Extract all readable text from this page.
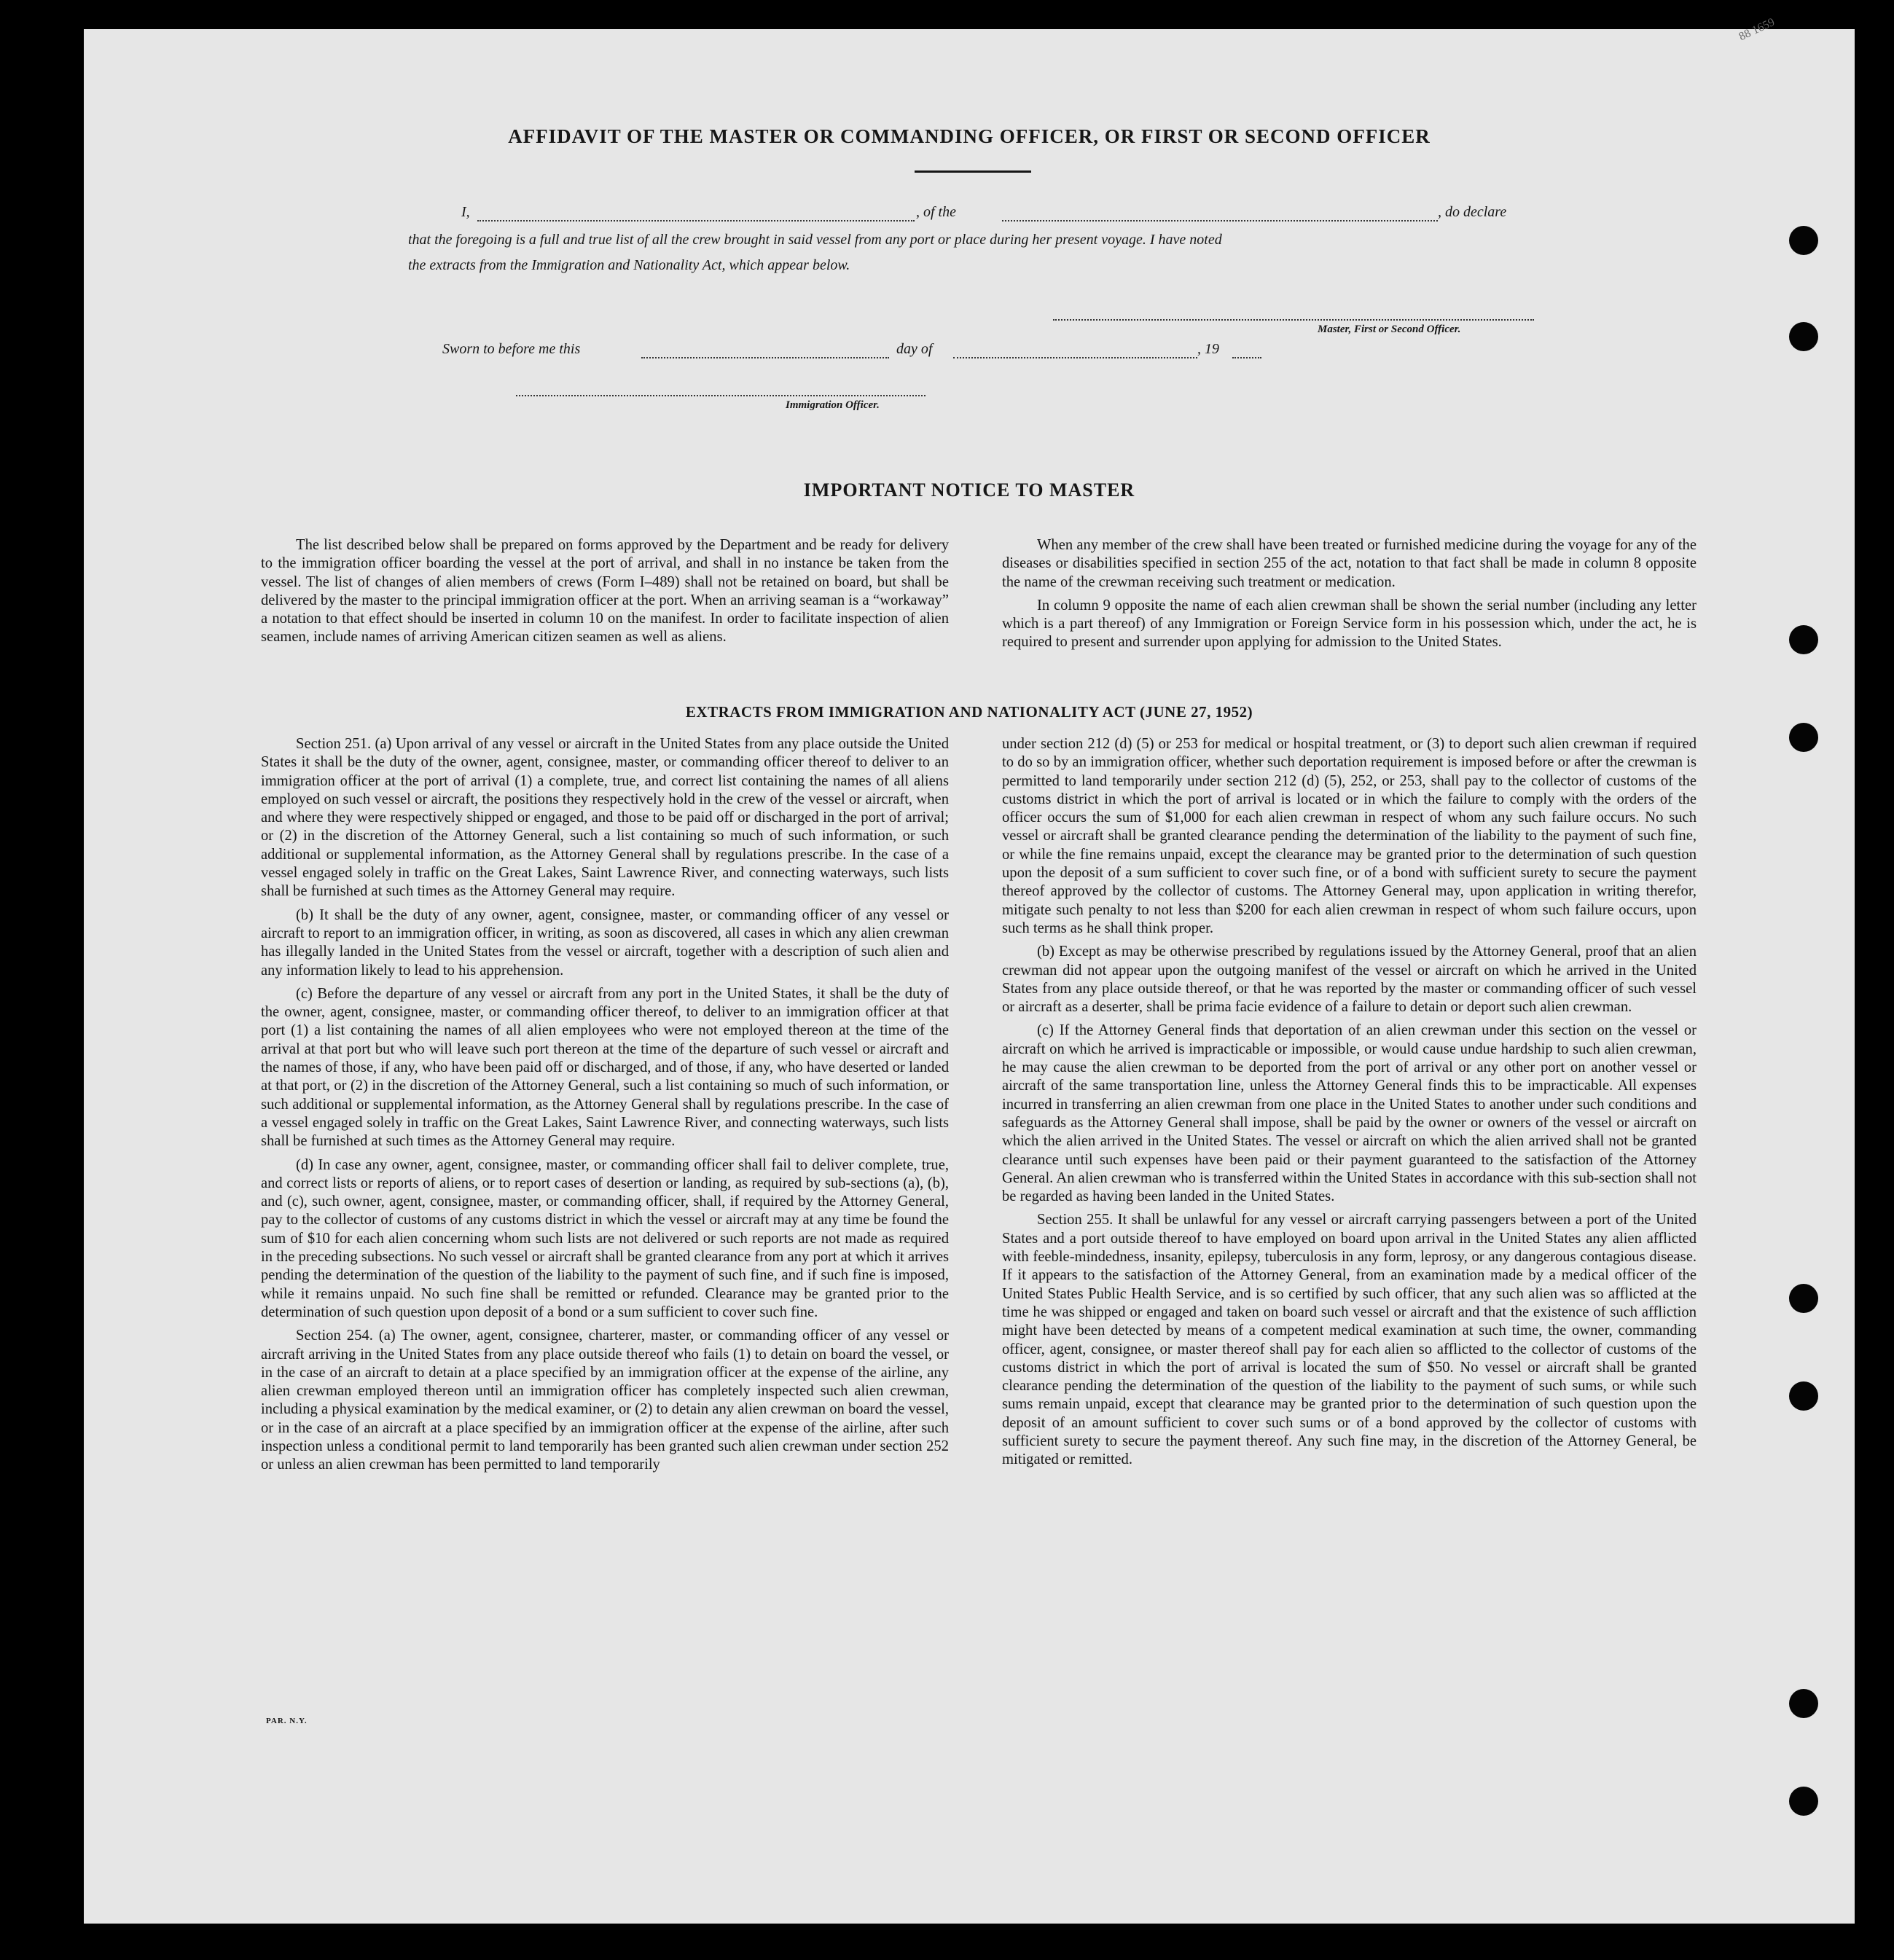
88 1659
AFFIDAVIT OF THE MASTER OR COMMANDING OFFICER, OR FIRST OR SECOND OFFICER
I,	, of the	, do declare
that the foregoing is a full and true list of all the crew brought in said vessel from any port or place during her present voyage. I have noted
the extracts from the Immigration and Nationality Act, which appear below.
Master, First or Second Officer.
Sworn to before me this	day of	, 19
Immigration Officer.
IMPORTANT NOTICE TO MASTER

The list described below shall be prepared on forms approved by the Department and be ready for delivery to the immigration officer boarding the vessel at the port of arrival, and shall in no instance be taken from the vessel. The list of changes of alien members of crews (Form I–489) shall not be retained on board, but shall be delivered by the master to the principal immigration officer at the port. When an arriving seaman is a “workaway” a notation to that effect should be inserted in column 10 on the manifest. In order to facilitate inspection of alien seamen, include names of arriving American citizen seamen as well as aliens.

When any member of the crew shall have been treated or furnished medicine during the voyage for any of the diseases or disabilities specified in section 255 of the act, notation to that fact shall be made in column 8 opposite the name of the crewman receiving such treatment or medication.

In column 9 opposite the name of each alien crewman shall be shown the serial number (including any letter which is a part thereof) of any Immigration or Foreign Service form in his possession which, under the act, he is required to present and surrender upon applying for admission to the United States.

EXTRACTS FROM IMMIGRATION AND NATIONALITY ACT (JUNE 27, 1952)

Section 251. (a) Upon arrival of any vessel or aircraft in the United States from any place outside the United States it shall be the duty of the owner, agent, consignee, master, or commanding officer thereof to deliver to an immigration officer at the port of arrival (1) a complete, true, and correct list containing the names of all aliens employed on such vessel or aircraft, the positions they respectively hold in the crew of the vessel or aircraft, when and where they were respectively shipped or engaged, and those to be paid off or discharged in the port of arrival; or (2) in the discretion of the Attorney General, such a list containing so much of such information, or such additional or supplemental information, as the Attorney General shall by regulations prescribe. In the case of a vessel engaged solely in traffic on the Great Lakes, Saint Lawrence River, and connecting waterways, such lists shall be furnished at such times as the Attorney General may require.

(b) It shall be the duty of any owner, agent, consignee, master, or commanding officer of any vessel or aircraft to report to an immigration officer, in writing, as soon as discovered, all cases in which any alien crewman has illegally landed in the United States from the vessel or aircraft, together with a description of such alien and any information likely to lead to his apprehension.

(c) Before the departure of any vessel or aircraft from any port in the United States, it shall be the duty of the owner, agent, consignee, master, or commanding officer thereof, to deliver to an immigration officer at that port (1) a list containing the names of all alien employees who were not employed thereon at the time of the arrival at that port but who will leave such port thereon at the time of the departure of such vessel or aircraft and the names of those, if any, who have been paid off or discharged, and of those, if any, who have deserted or landed at that port, or (2) in the discretion of the Attorney General, such a list containing so much of such information, or such additional or supplemental information, as the Attorney General shall by regulations prescribe. In the case of a vessel engaged solely in traffic on the Great Lakes, Saint Lawrence River, and connecting waterways, such lists shall be furnished at such times as the Attorney General may require.

(d) In case any owner, agent, consignee, master, or commanding officer shall fail to deliver complete, true, and correct lists or reports of aliens, or to report cases of desertion or landing, as required by sub-sections (a), (b), and (c), such owner, agent, consignee, master, or commanding officer, shall, if required by the Attorney General, pay to the collector of customs of any customs district in which the vessel or aircraft may at any time be found the sum of $10 for each alien concerning whom such lists are not delivered or such reports are not made as required in the preceding subsections. No such vessel or aircraft shall be granted clearance from any port at which it arrives pending the determination of the question of the liability to the payment of such fine, and if such fine is imposed, while it remains unpaid. No such fine shall be remitted or refunded. Clearance may be granted prior to the determination of such question upon deposit of a bond or a sum sufficient to cover such fine.

Section 254. (a) The owner, agent, consignee, charterer, master, or commanding officer of any vessel or aircraft arriving in the United States from any place outside thereof who fails (1) to detain on board the vessel, or in the case of an aircraft to detain at a place specified by an immigration officer at the expense of the airline, any alien crewman employed thereon until an immigration officer has completely inspected such alien crewman, including a physical examination by the medical examiner, or (2) to detain any alien crewman on board the vessel, or in the case of an aircraft at a place specified by an immigration officer at the expense of the airline, after such inspection unless a conditional permit to land temporarily has been granted such alien crewman under section 252 or unless an alien crewman has been permitted to land temporarily

under section 212 (d) (5) or 253 for medical or hospital treatment, or (3) to deport such alien crewman if required to do so by an immigration officer, whether such deportation requirement is imposed before or after the crewman is permitted to land temporarily under section 212 (d) (5), 252, or 253, shall pay to the collector of customs of the customs district in which the port of arrival is located or in which the failure to comply with the orders of the officer occurs the sum of $1,000 for each alien crewman in respect of whom any such failure occurs. No such vessel or aircraft shall be granted clearance pending the determination of the liability to the payment of such fine, or while the fine remains unpaid, except the clearance may be granted prior to the determination of such question upon the deposit of a sum sufficient to cover such fine, or of a bond with sufficient surety to secure the payment thereof approved by the collector of customs. The Attorney General may, upon application in writing therefor, mitigate such penalty to not less than $200 for each alien crewman in respect of whom such failure occurs, upon such terms as he shall think proper.

(b) Except as may be otherwise prescribed by regulations issued by the Attorney General, proof that an alien crewman did not appear upon the outgoing manifest of the vessel or aircraft on which he arrived in the United States from any place outside thereof, or that he was reported by the master or commanding officer of such vessel or aircraft as a deserter, shall be prima facie evidence of a failure to detain or deport such alien crewman.

(c) If the Attorney General finds that deportation of an alien crewman under this section on the vessel or aircraft on which he arrived is impracticable or impossible, or would cause undue hardship to such alien crewman, he may cause the alien crewman to be deported from the port of arrival or any other port on another vessel or aircraft of the same transportation line, unless the Attorney General finds this to be impracticable. All expenses incurred in transferring an alien crewman from one place in the United States to another under such conditions and safeguards as the Attorney General shall impose, shall be paid by the owner or owners of the vessel or aircraft on which the alien arrived in the United States. The vessel or aircraft on which the alien arrived shall not be granted clearance until such expenses have been paid or their payment guaranteed to the satisfaction of the Attorney General. An alien crewman who is transferred within the United States in accordance with this sub-section shall not be regarded as having been landed in the United States.

Section 255. It shall be unlawful for any vessel or aircraft carrying passengers between a port of the United States and a port outside thereof to have employed on board upon arrival in the United States any alien afflicted with feeble-mindedness, insanity, epilepsy, tuberculosis in any form, leprosy, or any dangerous contagious disease. If it appears to the satisfaction of the Attorney General, from an examination made by a medical officer of the United States Public Health Service, and is so certified by such officer, that any such alien was so afflicted at the time he was shipped or engaged and taken on board such vessel or aircraft and that the existence of such affliction might have been detected by means of a competent medical examination at such time, the owner, commanding officer, agent, consignee, or master thereof shall pay for each alien so afflicted to the collector of customs of the customs district in which the port of arrival is located the sum of $50. No vessel or aircraft shall be granted clearance pending the determination of the question of the liability to the payment of such sums, or while such sums remain unpaid, except that clearance may be granted prior to the determination of such question upon the deposit of an amount sufficient to cover such sums or of a bond approved by the collector of customs with sufficient surety to secure the payment thereof. Any such fine may, in the discretion of the Attorney General, be mitigated or remitted.

PAR. N.Y.
